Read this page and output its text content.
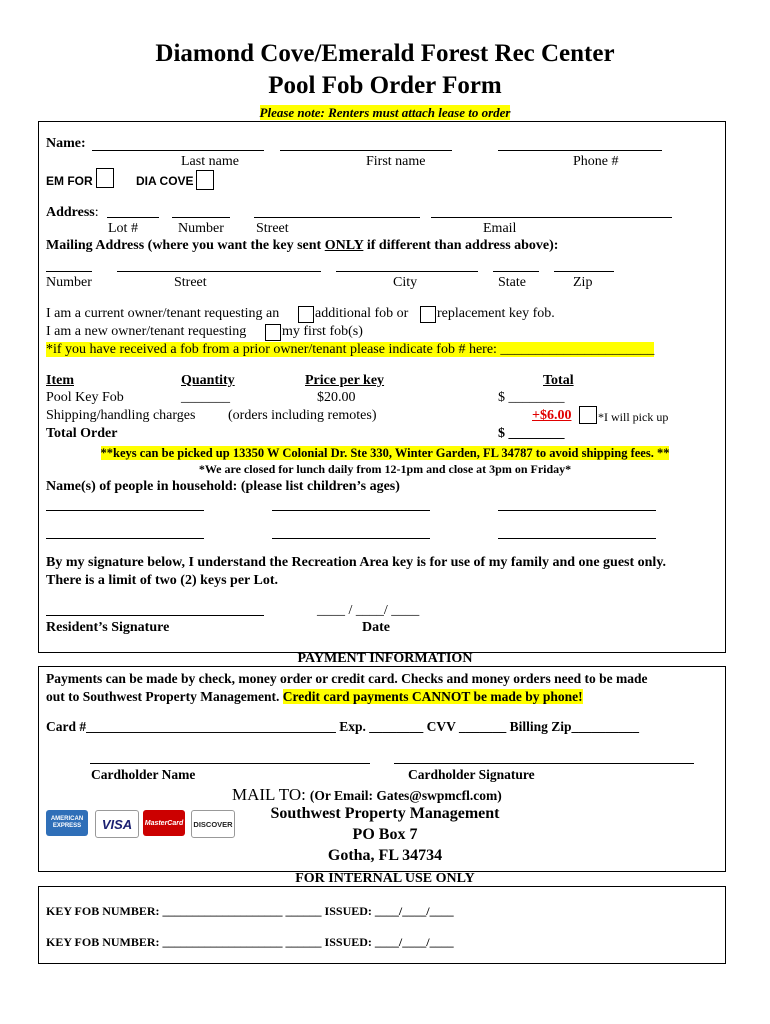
Diamond Cove/Emerald Forest Rec Center
Pool Fob Order Form
Please note: Renters must attach lease to order
Name:
Last name	First name	Phone #
EM FOR	DIA COVE
Address:
Lot #	Number Street	Email
Mailing Address (where you want the key sent ONLY if different than address above):
Number	Street	City	State	Zip
I am a current owner/tenant requesting an	additional fob or replacement key fob.
I am a new owner/tenant requesting	my first fob(s)
*if you have received a fob from a prior owner/tenant please indicate fob # here: ______________________
Item	Quantity	Price per key	Total
Pool Key Fob	_______	$20.00	$ ________
Shipping/handling charges (orders including remotes)	+$6.00 *I will pick up
Total Order	$ ________
**keys can be picked up 13350 W Colonial Dr. Ste 330, Winter Garden, FL 34787 to avoid shipping fees. **
*We are closed for lunch daily from 12-1pm and close at 3pm on Friday*
Name(s) of people in household: (please list children’s ages)
By my signature below, I understand the Recreation Area key is for use of my family and one guest only.
There is a limit of two (2) keys per Lot.
____ / ____/ ____
Resident’s Signature	Date
PAYMENT INFORMATION
Payments can be made by check, money order or credit card. Checks and money orders need to be made
out to Southwest Property Management. Credit card payments CANNOT be made by phone!
Card #_____________________________________ Exp. ________ CVV _______ Billing Zip__________
Cardholder Name	Cardholder Signature
MAIL TO: (Or Email: Gates@swpmcfl.com)
Southwest Property Management
PO Box 7
Gotha, FL 34734
AMERICAN EXPRESS	VISA MasterCard DISCOVER
FOR INTERNAL USE ONLY
KEY FOB NUMBER: ____________________ ______ ISSUED: ____/____/____
KEY FOB NUMBER: ____________________ ______ ISSUED: ____/____/____
